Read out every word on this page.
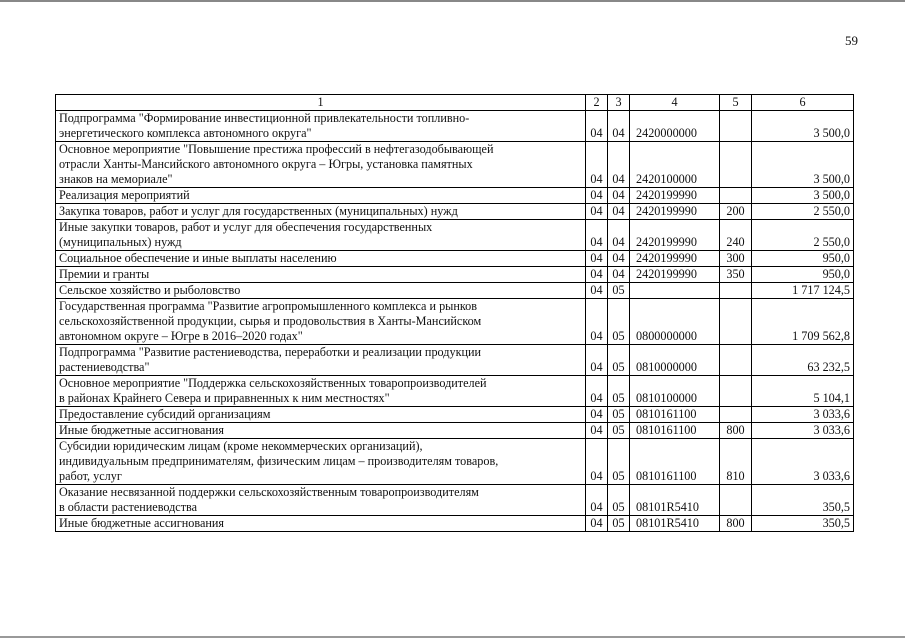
59
1	2	3	4	5	6
Подпрограмма "Формирование инвестиционной привлекательности топливно-
энергетического комплекса автономного округа"	04	04	2420000000		3 500,0
Основное мероприятие "Повышение престижа профессий в нефтегазодобывающей
отрасли Ханты-Мансийского автономного округа – Югры, установка памятных
знаков на мемориале"	04	04	2420100000		3 500,0
Реализация мероприятий	04	04	2420199990		3 500,0
Закупка товаров, работ и услуг для государственных (муниципальных) нужд	04	04	2420199990	200	2 550,0
Иные закупки товаров, работ и услуг для обеспечения государственных
(муниципальных) нужд	04	04	2420199990	240	2 550,0
Социальное обеспечение и иные выплаты населению	04	04	2420199990	300	950,0
Премии и гранты	04	04	2420199990	350	950,0
Сельское хозяйство и рыболовство	04	05			1 717 124,5
Государственная программа "Развитие агропромышленного комплекса и рынков
сельскохозяйственной продукции, сырья и продовольствия в Ханты-Мансийском
автономном округе – Югре в 2016–2020 годах"	04	05	0800000000		1 709 562,8
Подпрограмма "Развитие растениеводства, переработки и реализации продукции
растениеводства"	04	05	0810000000		63 232,5
Основное мероприятие "Поддержка сельскохозяйственных товаропроизводителей
в районах Крайнего Севера и приравненных к ним местностях"	04	05	0810100000		5 104,1
Предоставление субсидий организациям	04	05	0810161100		3 033,6
Иные бюджетные ассигнования	04	05	0810161100	800	3 033,6
Субсидии юридическим лицам (кроме некоммерческих организаций),
индивидуальным предпринимателям, физическим лицам – производителям товаров,
работ, услуг	04	05	0810161100	810	3 033,6
Оказание несвязанной поддержки сельскохозяйственным товаропроизводителям
в области растениеводства	04	05	08101R5410		350,5
Иные бюджетные ассигнования	04	05	08101R5410	800	350,5
